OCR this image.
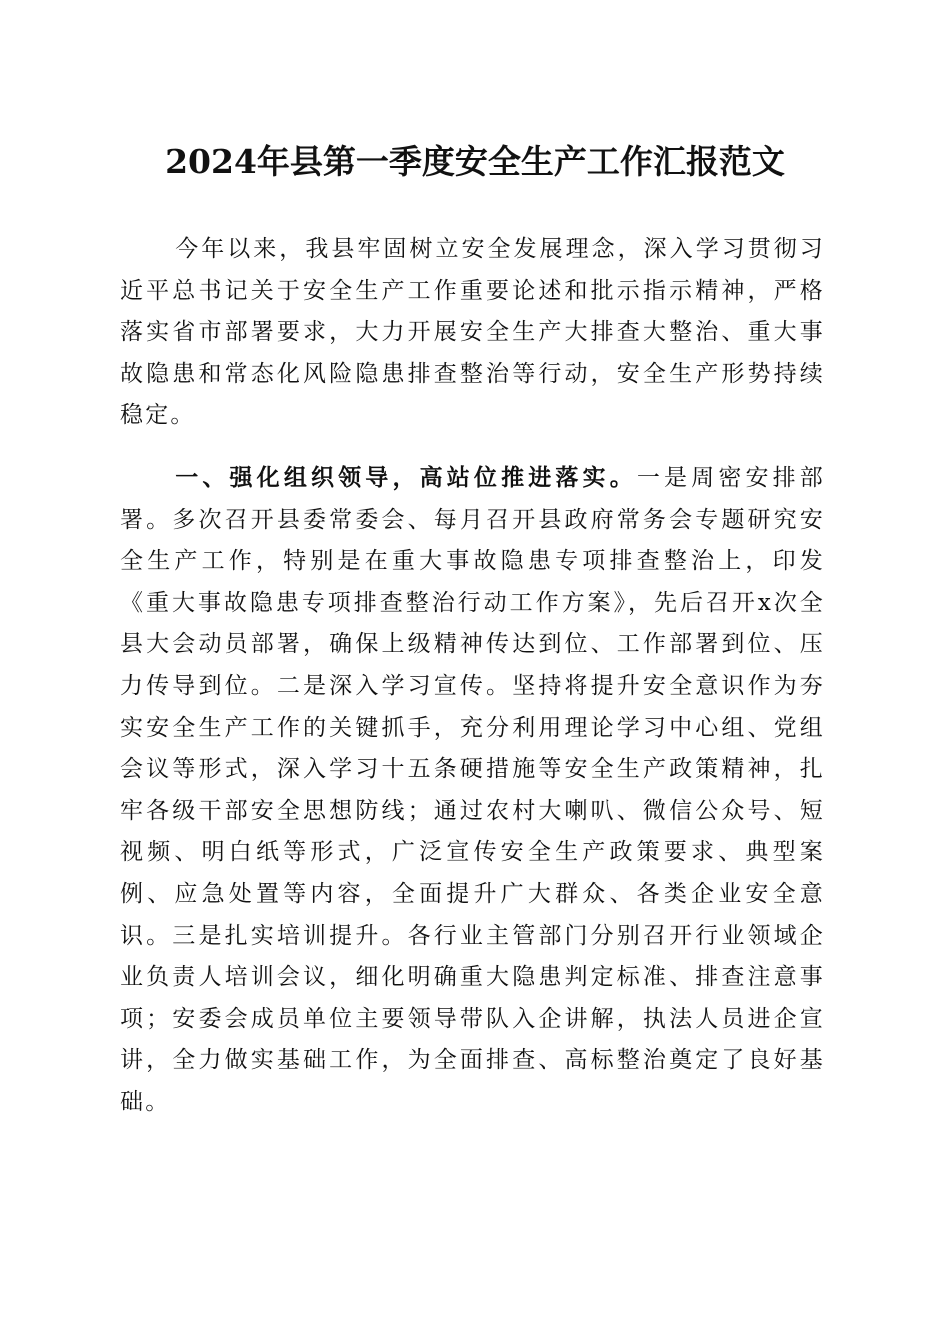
2024年县第一季度安全生产工作汇报范文

今年以来，我县牢固树立安全发展理念，深入学习贯彻习近平总书记关于安全生产工作重要论述和批示指示精神，严格落实省市部署要求，大力开展安全生产大排查大整治、重大事故隐患和常态化风险隐患排查整治等行动，安全生产形势持续稳定。

一、强化组织领导，高站位推进落实。一是周密安排部署。多次召开县委常委会、每月召开县政府常务会专题研究安全生产工作，特别是在重大事故隐患专项排查整治上，印发《重大事故隐患专项排查整治行动工作方案》，先后召开x次全县大会动员部署，确保上级精神传达到位、工作部署到位、压力传导到位。二是深入学习宣传。坚持将提升安全意识作为夯实安全生产工作的关键抓手，充分利用理论学习中心组、党组会议等形式，深入学习十五条硬措施等安全生产政策精神，扎牢各级干部安全思想防线；通过农村大喇叭、微信公众号、短视频、明白纸等形式，广泛宣传安全生产政策要求、典型案例、应急处置等内容，全面提升广大群众、各类企业安全意识。三是扎实培训提升。各行业主管部门分别召开行业领域企业负责人培训会议，细化明确重大隐患判定标准、排查注意事项；安委会成员单位主要领导带队入企讲解，执法人员进企宣讲，全力做实基础工作，为全面排查、高标整治奠定了良好基础。
